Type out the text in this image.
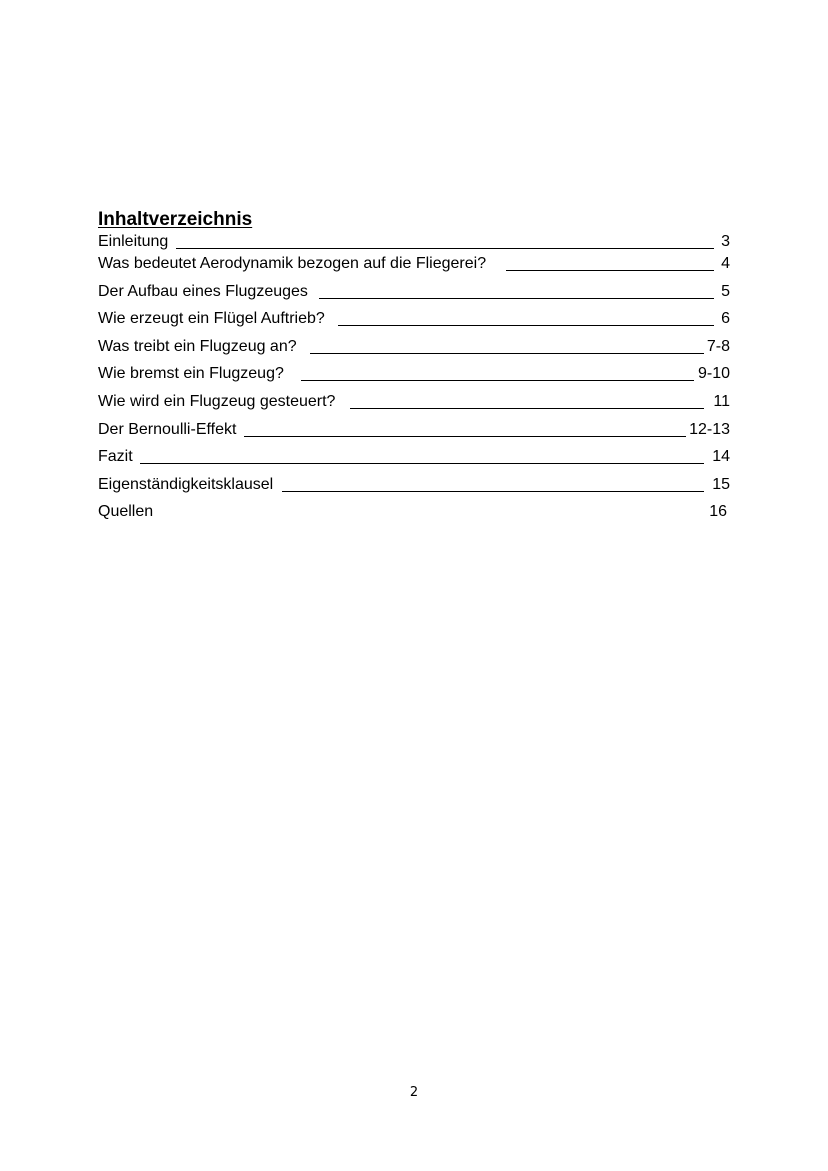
Inhaltverzeichnis
Einleitung	3
Was bedeutet Aerodynamik bezogen auf die Fliegerei?	4
Der Aufbau eines Flugzeuges	5
Wie erzeugt ein Flügel Auftrieb?	6
Was treibt ein Flugzeug an?	7-8
Wie bremst ein Flugzeug?	9-10
Wie wird ein Flugzeug gesteuert?	11
Der Bernoulli-Effekt	12-13
Fazit	14
Eigenständigkeitsklausel	15
Quellen	16
2
